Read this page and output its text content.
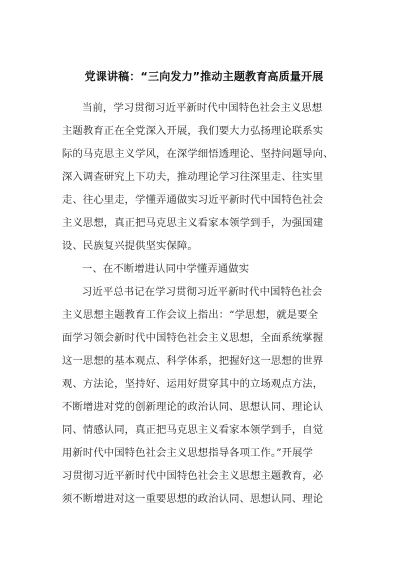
党课讲稿：“三向发力”推动主题教育高质量开展
当前，学习贯彻习近平新时代中国特色社会主义思想
主题教育正在全党深入开展，我们要大力弘扬理论联系实
际的马克思主义学风，在深学细悟透理论、坚持问题导向、
深入调查研究上下功夫，推动理论学习往深里走、往实里
走、往心里走，学懂弄通做实习近平新时代中国特色社会
主义思想，真正把马克思主义看家本领学到手，为强国建
设、民族复兴提供坚实保障。
一、在不断增进认同中学懂弄通做实
习近平总书记在学习贯彻习近平新时代中国特色社会
主义思想主题教育工作会议上指出：“学思想，就是要全
面学习领会新时代中国特色社会主义思想，全面系统掌握
这一思想的基本观点、科学体系，把握好这一思想的世界
观、方法论，坚持好、运用好贯穿其中的立场观点方法，
不断增进对党的创新理论的政治认同、思想认同、理论认
同、情感认同，真正把马克思主义看家本领学到手，自觉
用新时代中国特色社会主义思想指导各项工作。”开展学
习贯彻习近平新时代中国特色社会主义思想主题教育，必
须不断增进对这一重要思想的政治认同、思想认同、理论
